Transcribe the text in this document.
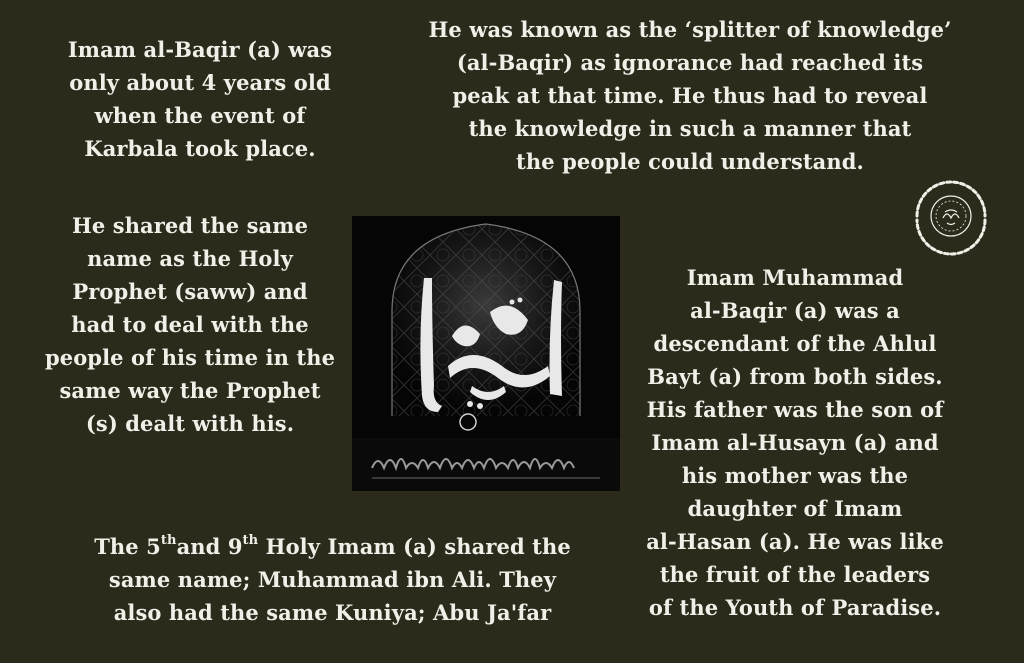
Imam al-Baqir (a) was
only about 4 years old
when the event of
Karbala took place.
He was known as the ‘splitter of knowledge’
(al-Baqir) as ignorance had reached its
peak at that time. He thus had to reveal
the knowledge in such a manner that
the people could understand.
He shared the same
name as the Holy
Prophet (saww) and
had to deal with the
people of his time in the
same way the Prophet
(s) dealt with his.
Imam Muhammad
al-Baqir (a) was a
descendant of the Ahlul
Bayt (a) from both sides.
His father was the son of
Imam al-Husayn (a) and
his mother was the
daughter of Imam
al-Hasan (a). He was like
the fruit of the leaders
of the Youth of Paradise.
The 5thand 9th Holy Imam (a) shared the
same name; Muhammad ibn Ali. They
also had the same Kuniya; Abu Ja'far
